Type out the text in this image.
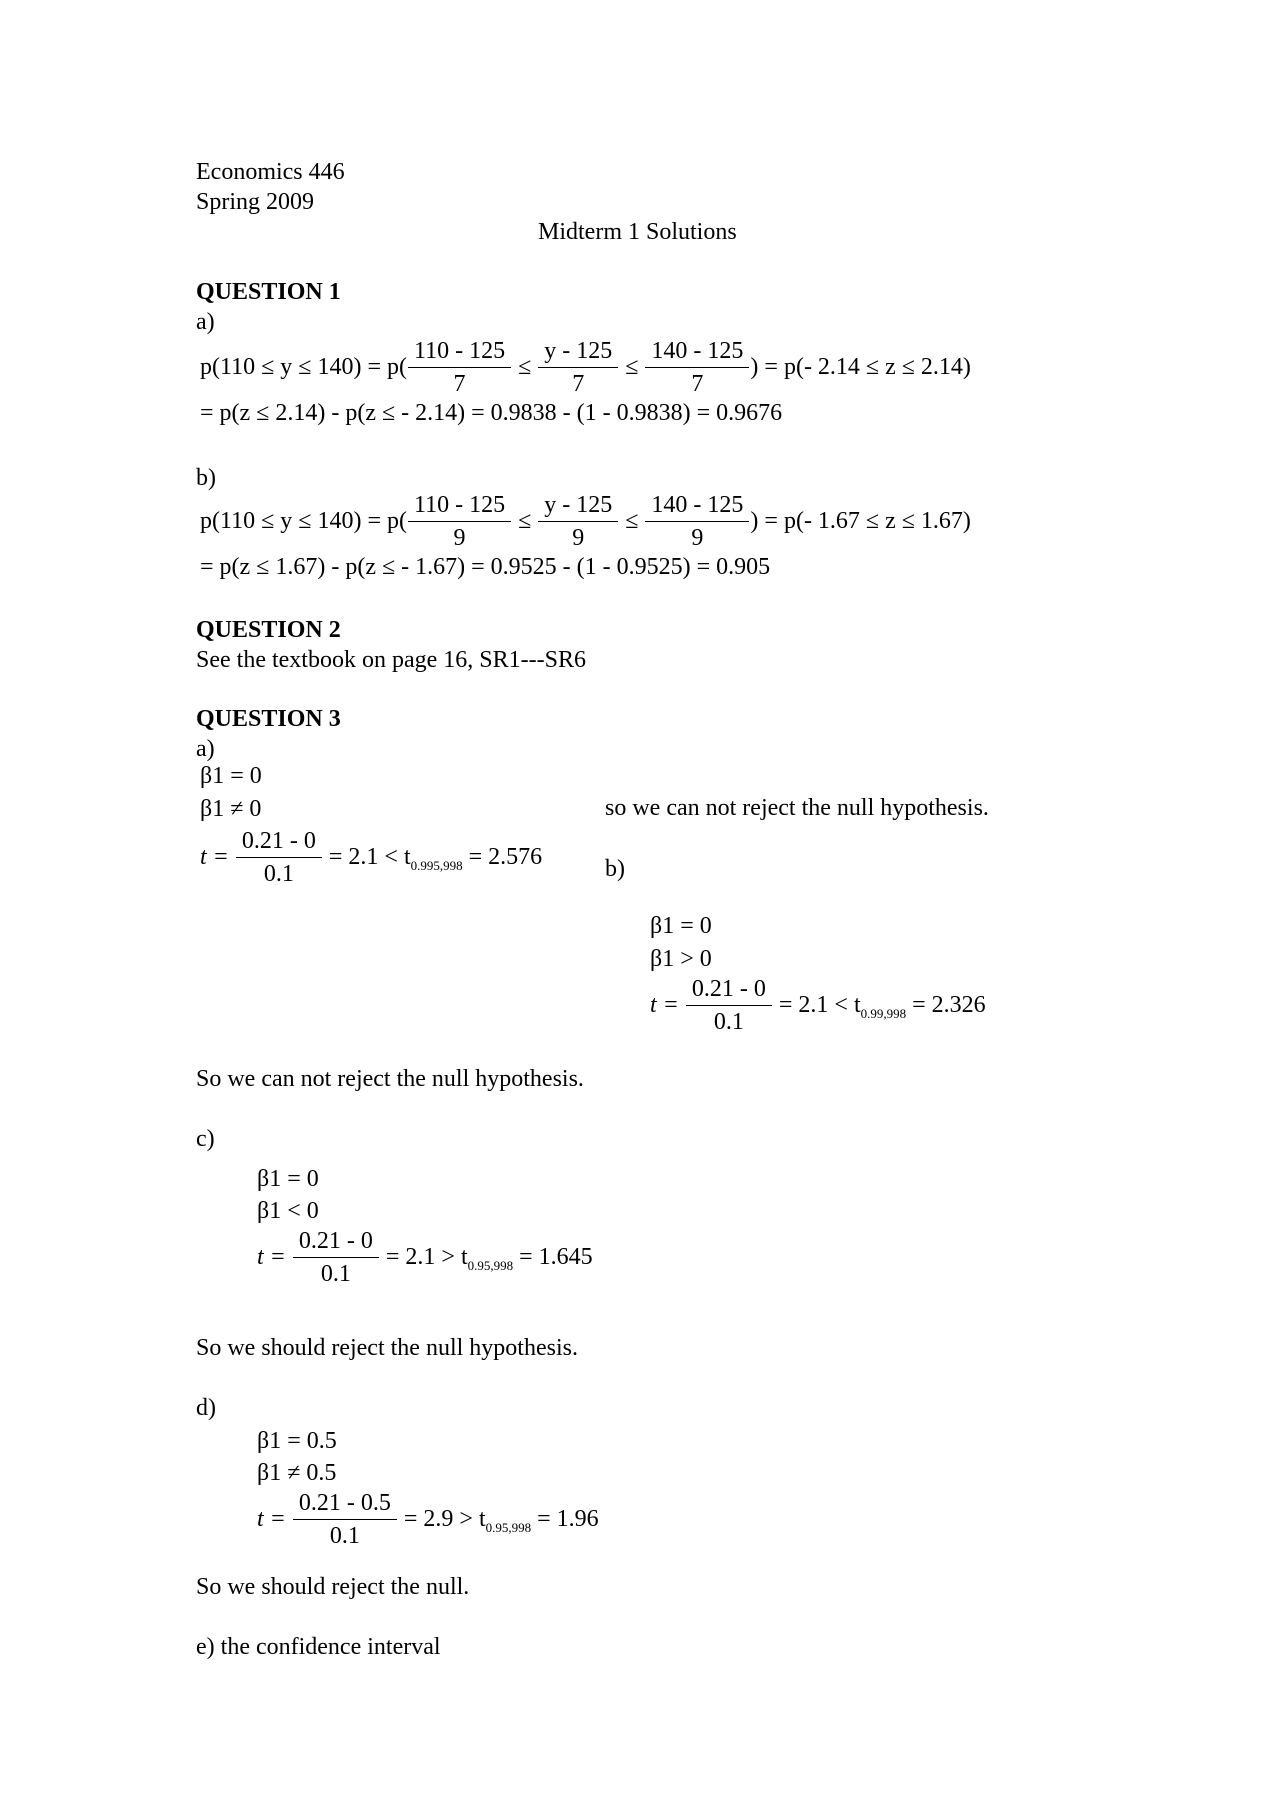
Economics 446
Spring 2009
Midterm 1 Solutions
QUESTION 1
a)
$p(110 \le y \le 140) = p( \frac{110 - 125}{7} \le \frac{y - 125}{7} \le \frac{140 - 125}{7}$ ) = p(- 2.14 ≤ z ≤ 2.14)
= p(z ≤ 2.14) - p(z ≤ - 2.14) = 0.9838 - (1 - 0.9838) = 0.9676
b)
$p(110 \le y \le 140) = p( \frac{110 - 125}{9} \le \frac{y - 125}{9} \le \frac{140 - 125}{9}$ ) = p(- 1.67 ≤ z ≤ 1.67)
= p(z ≤ 1.67) - p(z ≤ - 1.67) = 0.9525 - (1 - 0.9525) = 0.905
QUESTION 2
See the textbook on page 16, SR1---SR6
QUESTION 3
a)
β1 = 0
β1 ≠ 0	so we can not reject the null hypothesis.
$t = \frac{0.21 - 0}{0.1} = 2.1 < t_{0.995,998} = 2.576$	b)
β1 = 0
β1 > 0
$t = \frac{0.21 - 0}{0.1} = 2.1 < t_{0.99,998} = 2.326$
So we can not reject the null hypothesis.
c)
β1 = 0
β1 < 0
$t = \frac{0.21 - 0}{0.1} = 2.1 > t_{0.95,998} = 1.645$
So we should reject the null hypothesis.
d)
β1 = 0.5
β1 ≠ 0.5
$t = \frac{0.21 - 0.5}{0.1} = 2.9 > t_{0.95,998} = 1.96$
So we should reject the null.
e) the confidence interval
